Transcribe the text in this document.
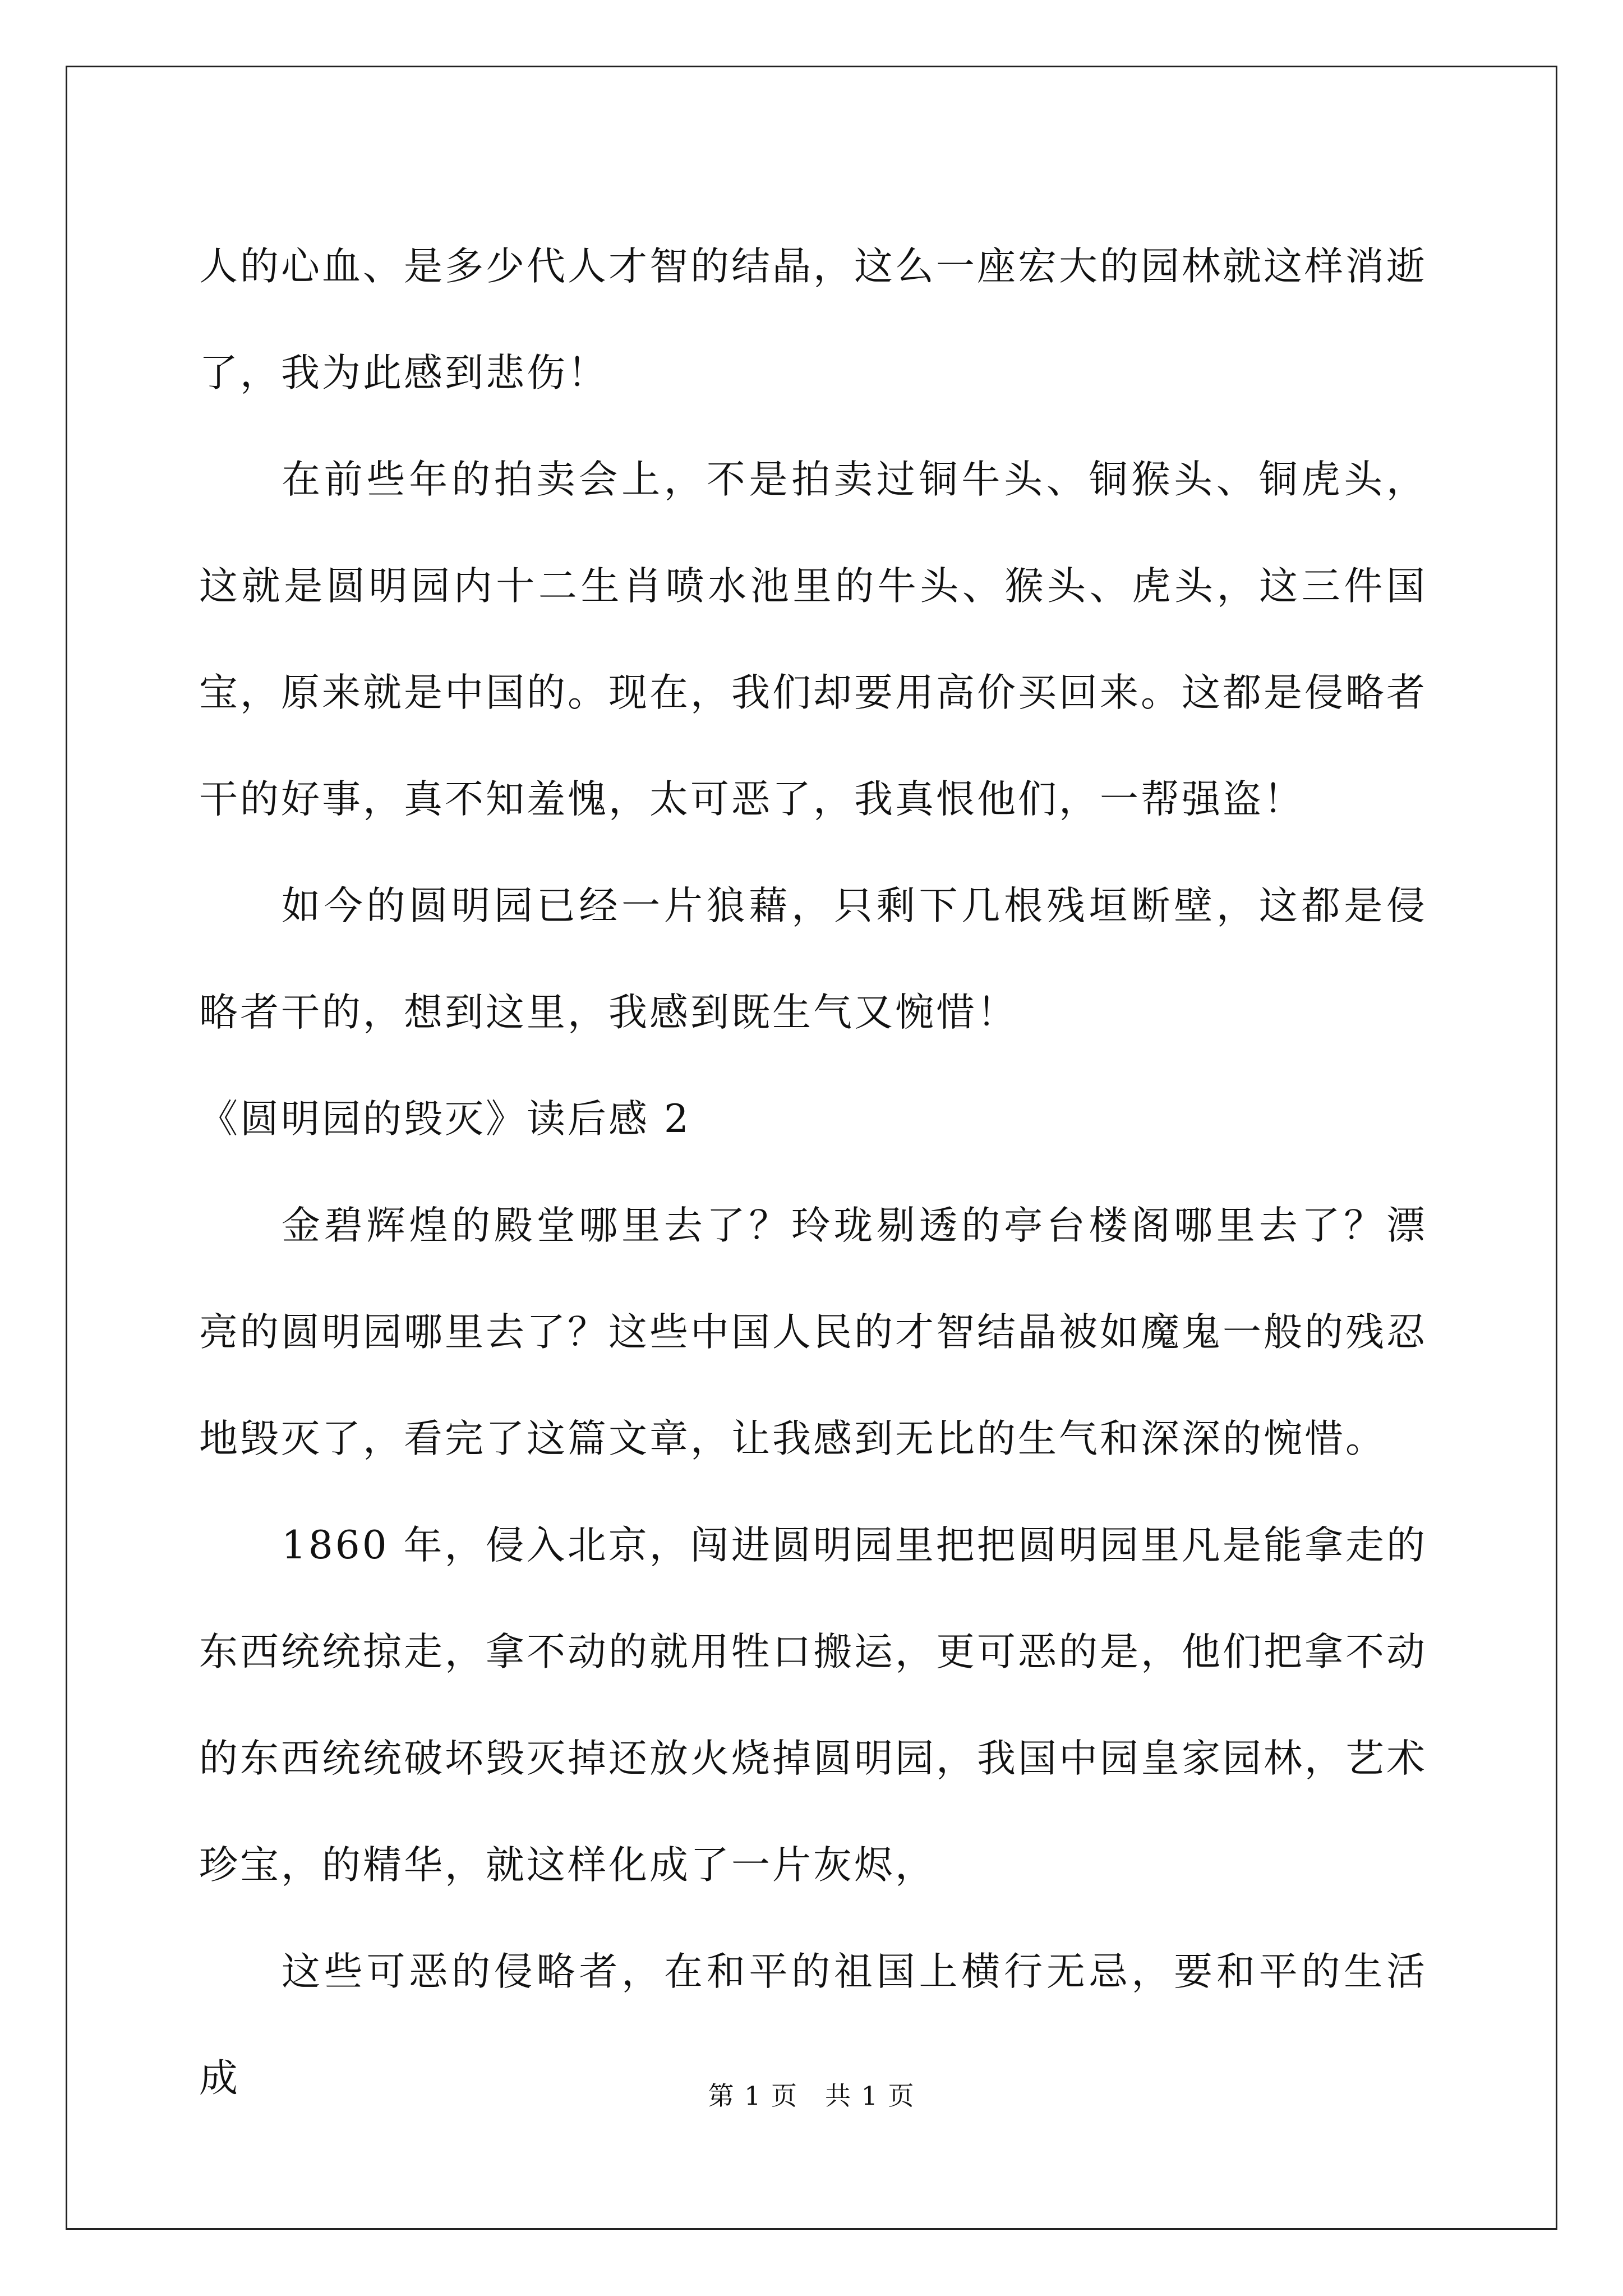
人的心血、是多少代人才智的结晶，这么一座宏大的园林就这样消逝了，我为此感到悲伤！

在前些年的拍卖会上，不是拍卖过铜牛头、铜猴头、铜虎头，这就是圆明园内十二生肖喷水池里的牛头、猴头、虎头，这三件国宝，原来就是中国的。现在，我们却要用高价买回来。这都是侵略者干的好事，真不知羞愧，太可恶了，我真恨他们，一帮强盗！

如今的圆明园已经一片狼藉，只剩下几根残垣断壁，这都是侵略者干的，想到这里，我感到既生气又惋惜！

《圆明园的毁灭》读后感 2

金碧辉煌的殿堂哪里去了？玲珑剔透的亭台楼阁哪里去了？漂亮的圆明园哪里去了？这些中国人民的才智结晶被如魔鬼一般的残忍地毁灭了，看完了这篇文章，让我感到无比的生气和深深的惋惜。

1860 年，侵入北京，闯进圆明园里把把圆明园里凡是能拿走的东西统统掠走，拿不动的就用牲口搬运，更可恶的是，他们把拿不动的东西统统破坏毁灭掉还放火烧掉圆明园，我国中园皇家园林，艺术珍宝，的精华，就这样化成了一片灰烬，

这些可恶的侵略者，在和平的祖国上横行无忌，要和平的生活成	第 1 页　共 1 页
